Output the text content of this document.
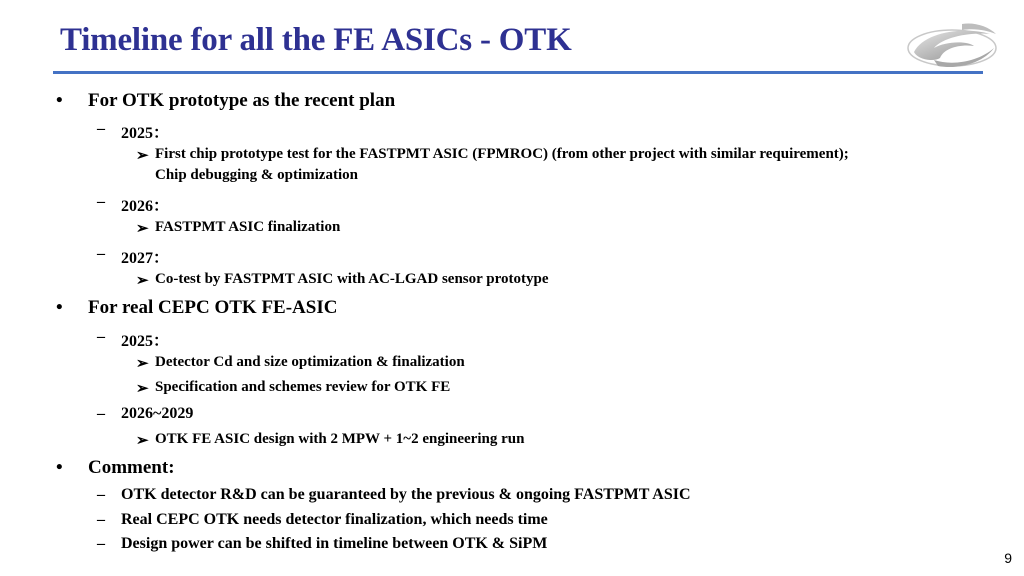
Timeline for all the FE ASICs - OTK
• For OTK prototype as the recent plan
– 2025：
➢ First chip prototype test for the FASTPMT ASIC (FPMROC) (from other project with similar requirement);
Chip debugging & optimization
– 2026：
➢ FASTPMT ASIC finalization
– 2027：
➢ Co-test by FASTPMT ASIC with AC-LGAD sensor prototype
• For real CEPC OTK FE-ASIC
– 2025：
➢ Detector Cd and size optimization & finalization
➢ Specification and schemes review for OTK FE
– 2026~2029
➢ OTK FE ASIC design with 2 MPW + 1~2 engineering run
• Comment:
– OTK detector R&D can be guaranteed by the previous & ongoing FASTPMT ASIC
– Real CEPC OTK needs detector finalization, which needs time
– Design power can be shifted in timeline between OTK & SiPM
9
